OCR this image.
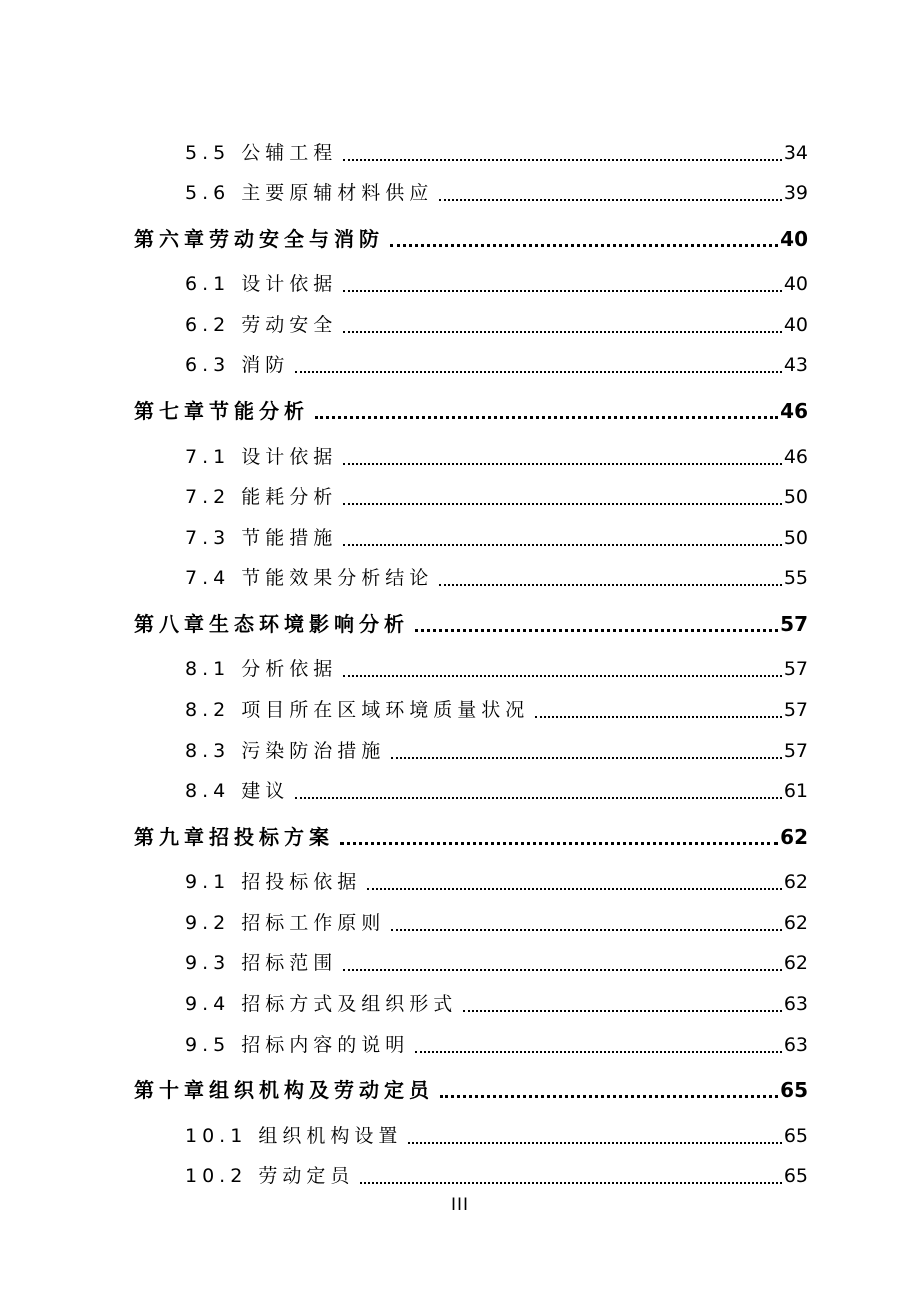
5.5 公辅工程	34
5.6 主要原辅材料供应	39
第六章劳动安全与消防	40
6.1 设计依据	40
6.2 劳动安全	40
6.3 消防	43
第七章节能分析	46
7.1 设计依据	46
7.2 能耗分析	50
7.3 节能措施	50
7.4 节能效果分析结论	55
第八章生态环境影响分析	57
8.1 分析依据	57
8.2 项目所在区域环境质量状况	57
8.3 污染防治措施	57
8.4 建议	61
第九章招投标方案	62
9.1 招投标依据	62
9.2 招标工作原则	62
9.3 招标范围	62
9.4 招标方式及组织形式	63
9.5 招标内容的说明	63
第十章组织机构及劳动定员	65
10.1 组织机构设置	65
10.2 劳动定员	65
III
